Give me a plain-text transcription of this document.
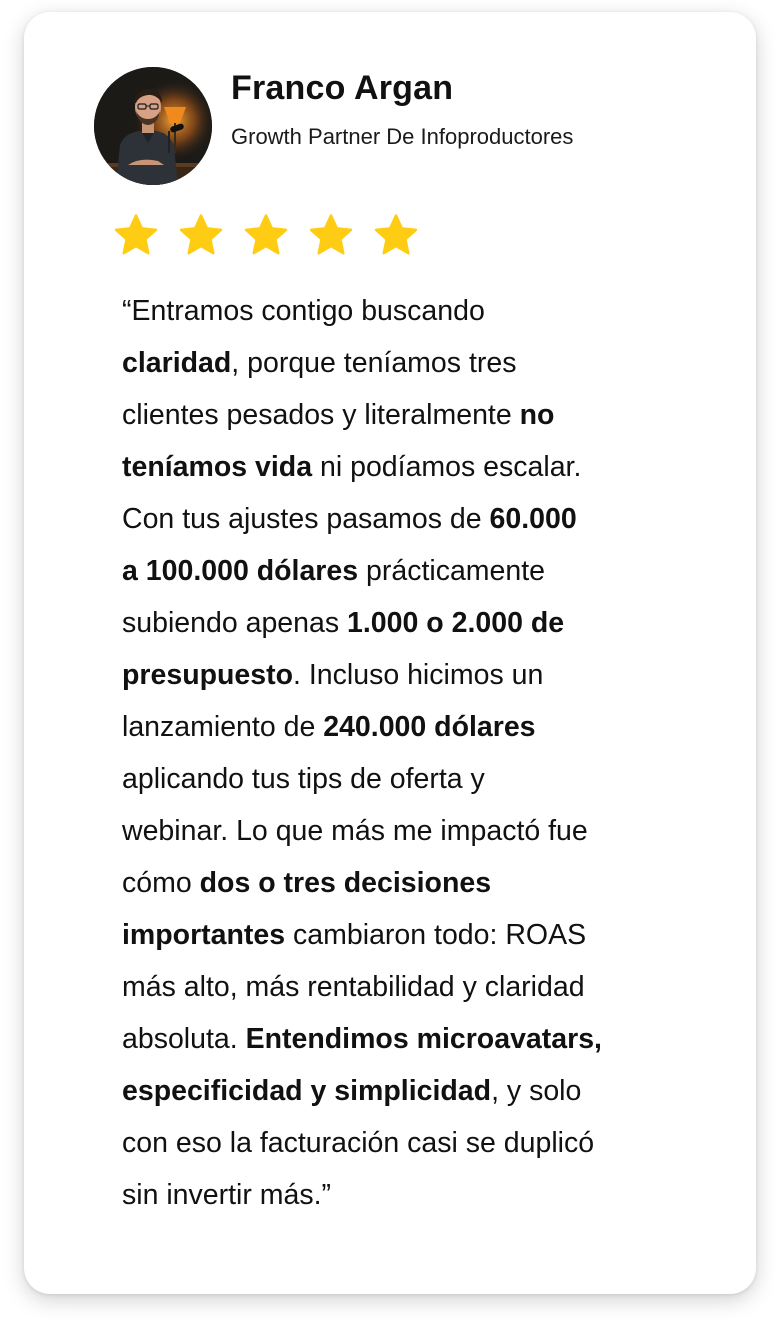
Franco Argan
Growth Partner De Infoproductores

“Entramos contigo buscando

claridad, porque teníamos tres

clientes pesados y literalmente no

teníamos vida ni podíamos escalar.

Con tus ajustes pasamos de 60.000

a 100.000 dólares prácticamente

subiendo apenas 1.000 o 2.000 de

presupuesto. Incluso hicimos un

lanzamiento de 240.000 dólares

aplicando tus tips de oferta y

webinar. Lo que más me impactó fue

cómo dos o tres decisiones

importantes cambiaron todo: ROAS

más alto, más rentabilidad y claridad

absoluta. Entendimos microavatars,

especificidad y simplicidad, y solo

con eso la facturación casi se duplicó

sin invertir más.”
